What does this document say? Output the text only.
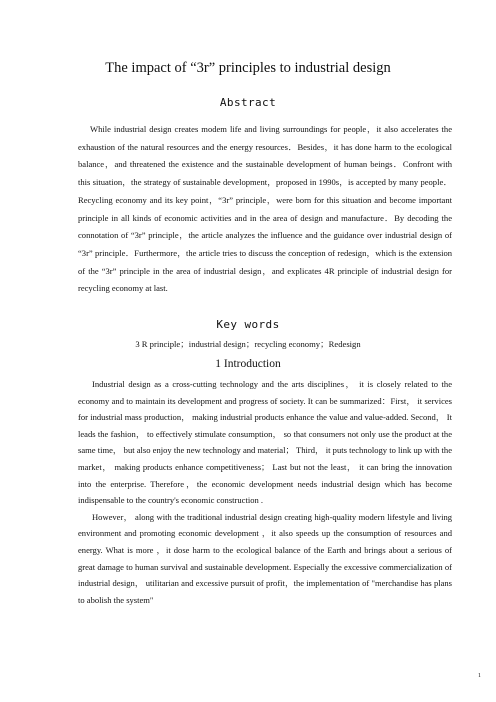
The impact of “3r” principles to industrial design
Abstract

While industrial design creates modem life and living surroundings for people，it also accelerates the exhaustion of the natural resources and the energy resources．Besides，it has done harm to the ecological balance，and threatened the existence and the sustainable development of human beings．Confront with this situation，the strategy of sustainable development，proposed in 1990s，is accepted by many people．Recycling economy and its key point，“3r” principle，were born for this situation and become important principle in all kinds of economic activities and in the area of design and manufacture．By decoding the connotation of “3r” principle，the article analyzes the influence and the guidance over industrial design of “3r” principle．Furthermore，the article tries to discuss the conception of redesign，which is the extension of the “3r” principle in the area of industrial design，and explicates 4R principle of industrial design for recycling economy at last.

Key words
3 R principle；industrial design；recycling economy；Redesign
1 Introduction

Industrial design as a cross-cutting technology and the arts disciplines， it is closely related to the economy and to maintain its development and progress of society. It can be summarized：First， it services for industrial mass production， making industrial products enhance the value and value-added. Second， It leads the fashion， to effectively stimulate consumption， so that consumers not only use the product at the same time， but also enjoy the new technology and material； Third， it puts technology to link up with the market， making products enhance competitiveness； Last but not the least， it can bring the innovation into the enterprise. Therefore，the economic development needs industrial design which has become indispensable to the country's economic construction .

However， along with the traditional industrial design creating high-quality modern lifestyle and living environment and promoting economic development ，it also speeds up the consumption of resources and energy. What is more ，it dose harm to the ecological balance of the Earth and brings about a serious of great damage to human survival and sustainable development. Especially the excessive commercialization of industrial design， utilitarian and excessive pursuit of profit，the implementation of "merchandise has plans to abolish the system"

1
